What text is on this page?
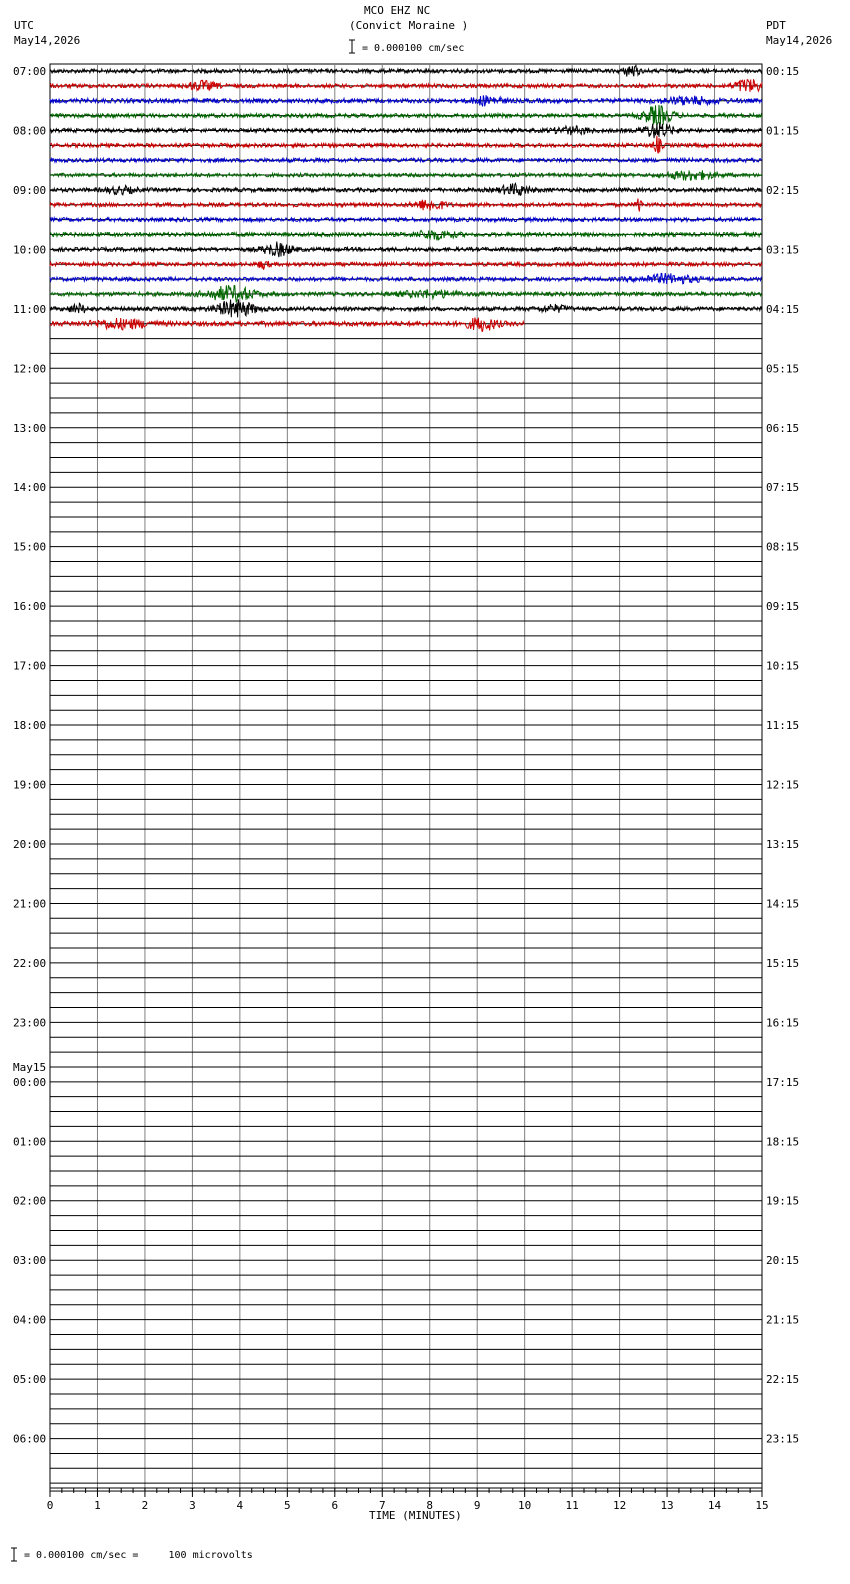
0	1	2	3	4	5	6	7	8	9	10	11	12	13	14	15
07:00
08:00
09:00
10:00
11:00
12:00
13:00
14:00
15:00
16:00
17:00
18:00
19:00
20:00
21:00
22:00
23:00
00:00
May15
01:00
02:00
03:00
04:00
05:00
06:00
00:15
01:15
02:15
03:15
04:15
05:15
06:15
07:15
08:15
09:15
10:15
11:15
12:15
13:15
14:15
15:15
16:15
17:15
18:15
19:15
20:15
21:15
22:15
23:15
MCO EHZ NC
(Convict Moraine )
= 0.000100 cm/sec
UTC
May14,2026
PDT
May14,2026
TIME (MINUTES)
= 0.000100 cm/sec =     100 microvolts
